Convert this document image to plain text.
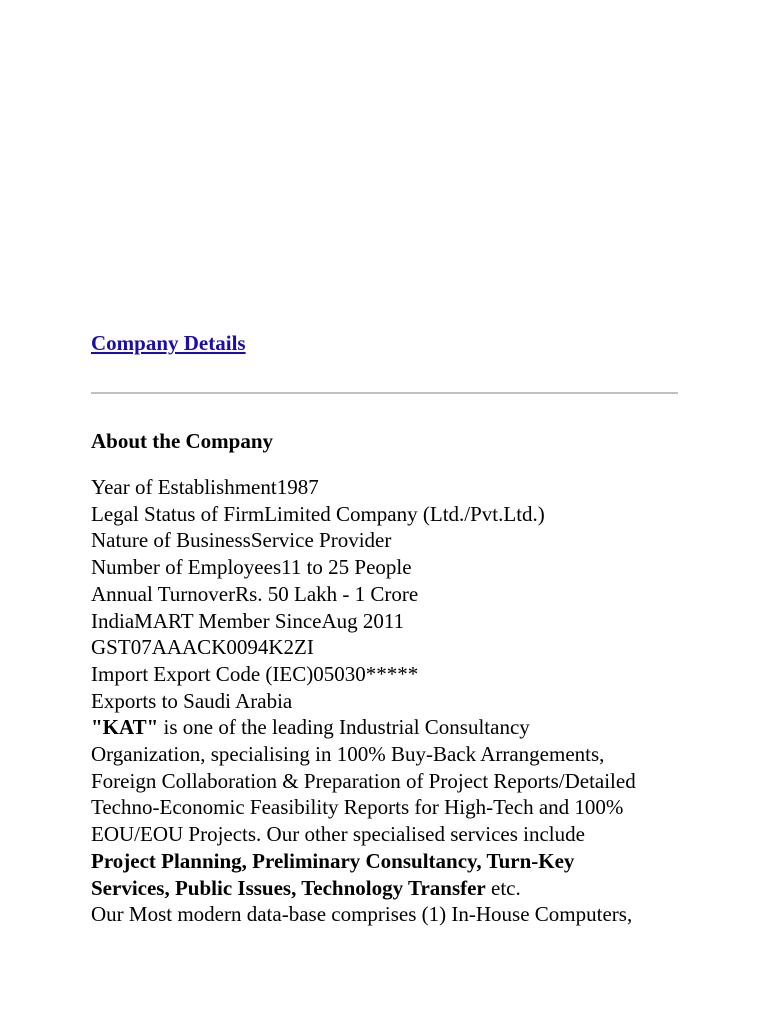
Company Details
About the Company
Year of Establishment1987
Legal Status of FirmLimited Company (Ltd./Pvt.Ltd.)
Nature of BusinessService Provider
Number of Employees11 to 25 People
Annual TurnoverRs. 50 Lakh - 1 Crore
IndiaMART Member SinceAug 2011
GST07AAACK0094K2ZI
Import Export Code (IEC)05030*****
Exports to Saudi Arabia
"KAT" is one of the leading Industrial Consultancy
Organization, specialising in 100% Buy-Back Arrangements,
Foreign Collaboration & Preparation of Project Reports/Detailed
Techno-Economic Feasibility Reports for High-Tech and 100%
EOU/EOU Projects. Our other specialised services include
Project Planning, Preliminary Consultancy, Turn-Key
Services, Public Issues, Technology Transfer etc.
Our Most modern data-base comprises (1) In-House Computers,
